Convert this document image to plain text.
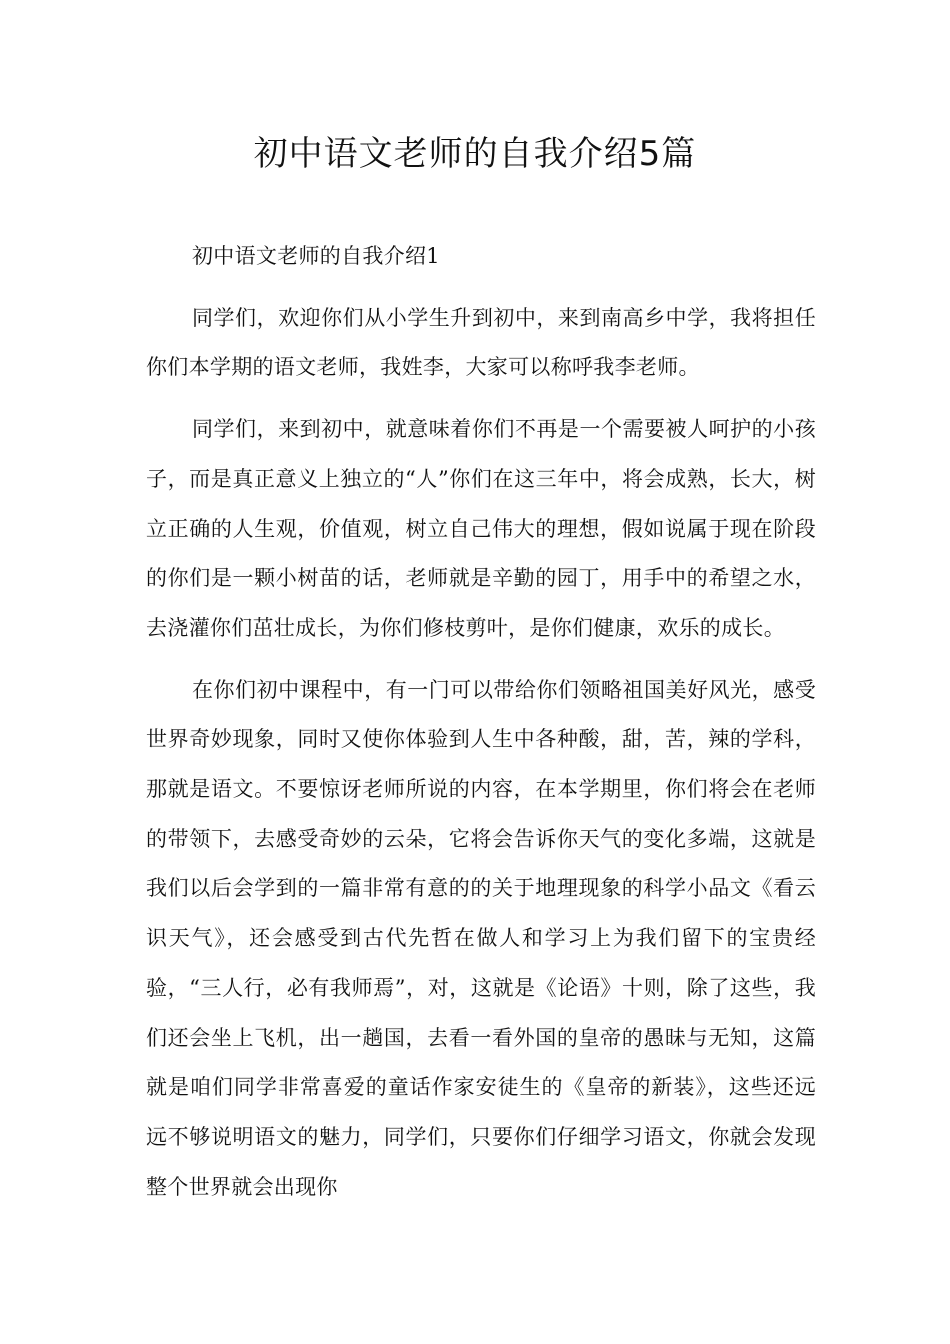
初中语文老师的自我介绍5篇

初中语文老师的自我介绍1

同学们，欢迎你们从小学生升到初中，来到南高乡中学，我将担任你们本学期的语文老师，我姓李，大家可以称呼我李老师。

同学们，来到初中，就意味着你们不再是一个需要被人呵护的小孩子，而是真正意义上独立的“人”你们在这三年中，将会成熟，长大，树立正确的人生观，价值观，树立自己伟大的理想，假如说属于现在阶段的你们是一颗小树苗的话，老师就是辛勤的园丁，用手中的希望之水，去浇灌你们茁壮成长，为你们修枝剪叶，是你们健康，欢乐的成长。

在你们初中课程中，有一门可以带给你们领略祖国美好风光，感受世界奇妙现象，同时又使你体验到人生中各种酸，甜，苦，辣的学科，那就是语文。不要惊讶老师所说的内容，在本学期里，你们将会在老师的带领下，去感受奇妙的云朵，它将会告诉你天气的变化多端，这就是我们以后会学到的一篇非常有意的的关于地理现象的科学小品文《看云识天气》，还会感受到古代先哲在做人和学习上为我们留下的宝贵经验，“三人行，必有我师焉”，对，这就是《论语》十则，除了这些，我们还会坐上飞机，出一趟国，去看一看外国的皇帝的愚昧与无知，这篇就是咱们同学非常喜爱的童话作家安徒生的《皇帝的新装》，这些还远远不够说明语文的魅力，同学们，只要你们仔细学习语文，你就会发现整个世界就会出现你
